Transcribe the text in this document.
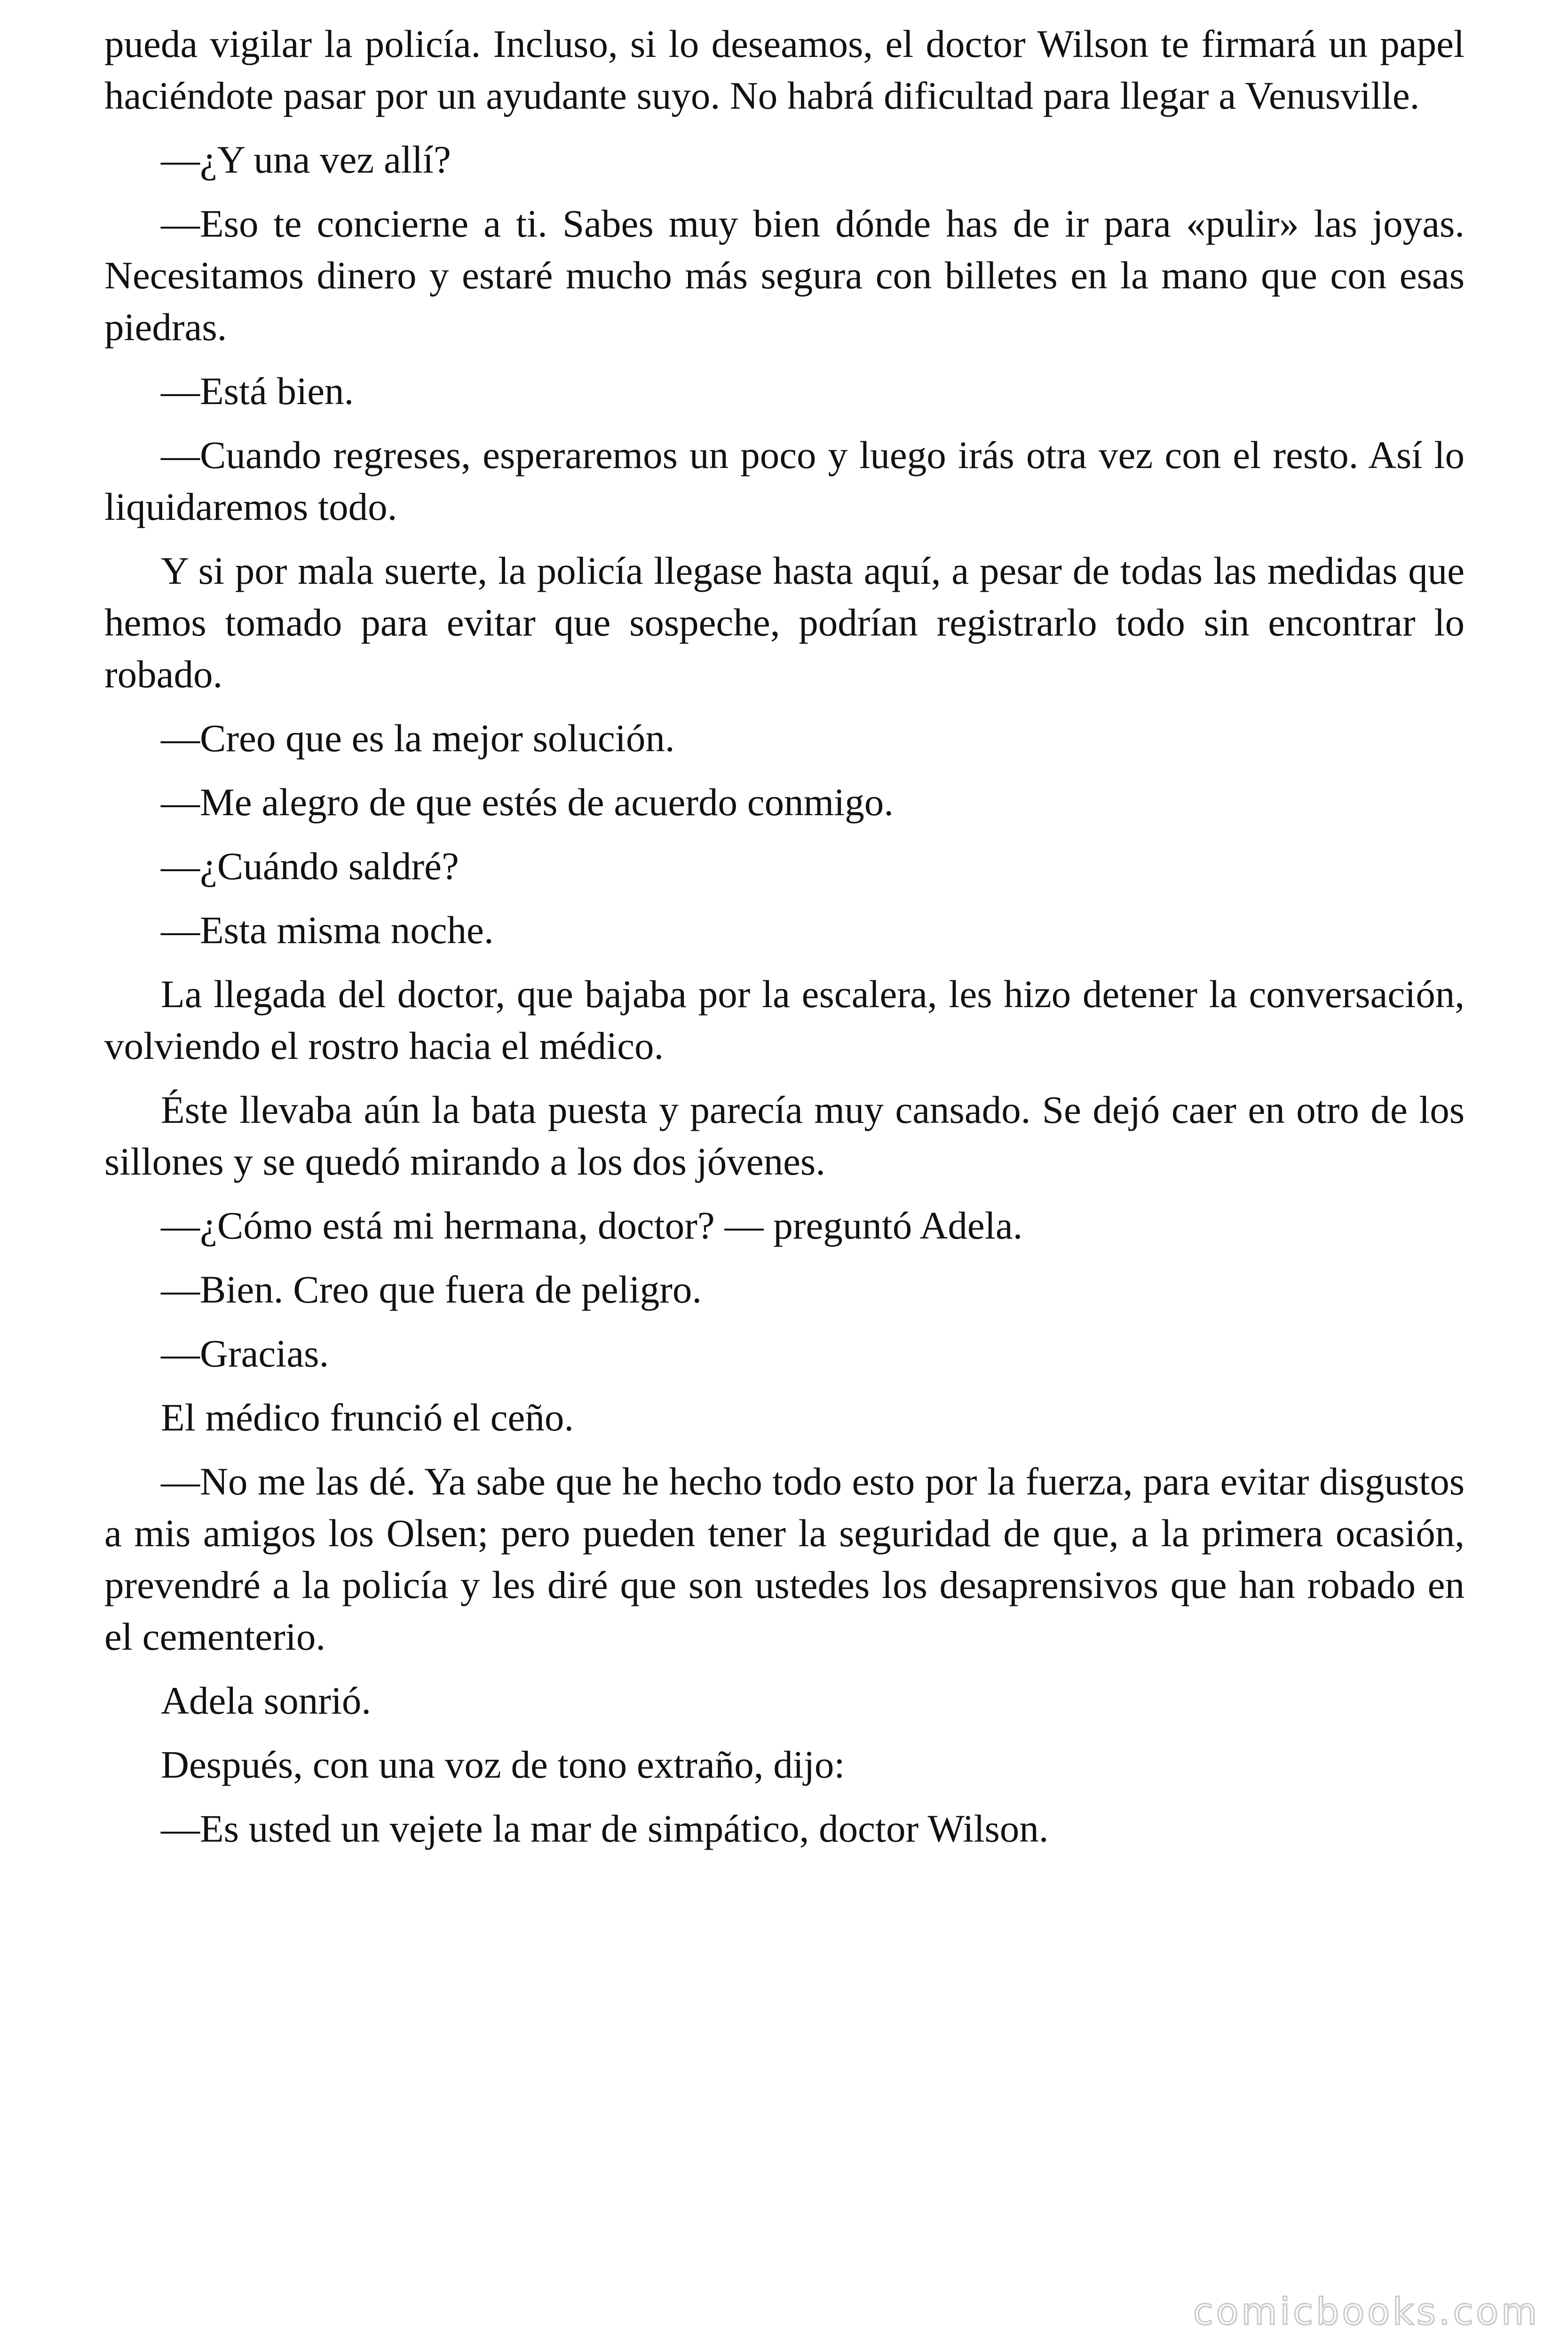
pueda vigilar la policía. Incluso, si lo deseamos, el doctor Wilson te firmará un papel haciéndote pasar por un ayudante suyo. No habrá dificultad para llegar a Venusville.

—¿Y una vez allí?

—Eso te concierne a ti. Sabes muy bien dónde has de ir para «pulir» las joyas. Necesitamos dinero y estaré mucho más segura con billetes en la mano que con esas piedras.

—Está bien.

—Cuando regreses, esperaremos un poco y luego irás otra vez con el resto. Así lo liquidaremos todo.

Y si por mala suerte, la policía llegase hasta aquí, a pesar de todas las medidas que hemos tomado para evitar que sospeche, podrían registrarlo todo sin encontrar lo robado.

—Creo que es la mejor solución.

—Me alegro de que estés de acuerdo conmigo.

—¿Cuándo saldré?

—Esta misma noche.

La llegada del doctor, que bajaba por la escalera, les hizo detener la conversación, volviendo el rostro hacia el médico.

Éste llevaba aún la bata puesta y parecía muy cansado. Se dejó caer en otro de los sillones y se quedó mirando a los dos jóvenes.

—¿Cómo está mi hermana, doctor? — preguntó Adela.

—Bien. Creo que fuera de peligro.

—Gracias.

El médico frunció el ceño.

—No me las dé. Ya sabe que he hecho todo esto por la fuerza, para evitar disgustos a mis amigos los Olsen; pero pueden tener la seguridad de que, a la primera ocasión, prevendré a la policía y les diré que son ustedes los desaprensivos que han robado en el cementerio.

Adela sonrió.

Después, con una voz de tono extraño, dijo:

—Es usted un vejete la mar de simpático, doctor Wilson.

comicbooks.com
